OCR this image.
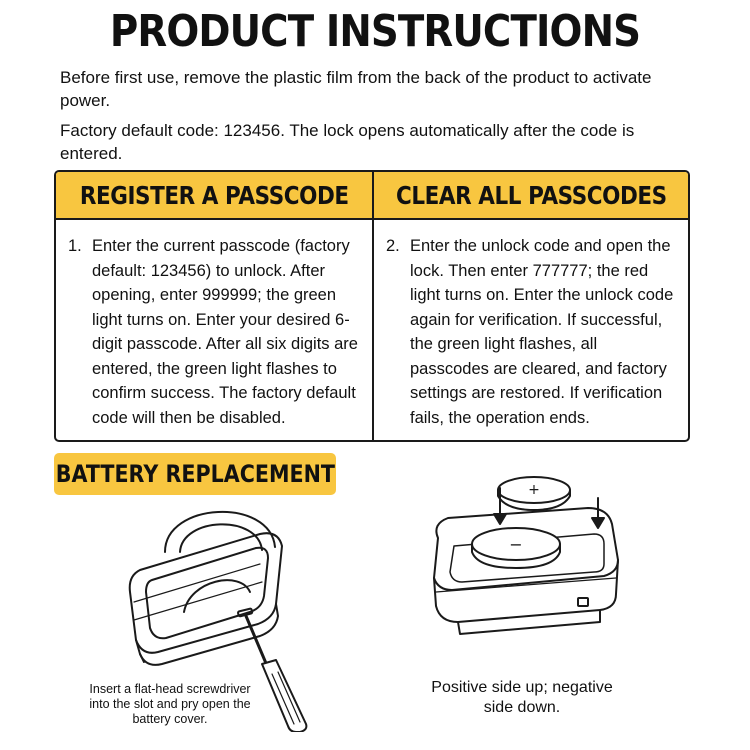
PRODUCT INSTRUCTIONS

Before first use, remove the plastic film from the back of the product to activate power.

Factory default code: 123456. The lock opens automatically after the code is entered.

REGISTER A PASSCODE
1. Enter the current passcode (factory default: 123456) to unlock. After opening, enter 999999; the green light turns on. Enter your desired 6-digit passcode. After all six digits are entered, the green light flashes to confirm success. The factory default code will then be disabled.
CLEAR ALL PASSCODES
2. Enter the unlock code and open the lock. Then enter 777777; the red light turns on. Enter the unlock code again for verification. If successful, the green light flashes, all passcodes are cleared, and factory settings are restored. If verification fails, the operation ends.
BATTERY REPLACEMENT
+
−

Insert a flat-head screwdriver into the slot and pry open the battery cover.

Positive side up; negative side down.
